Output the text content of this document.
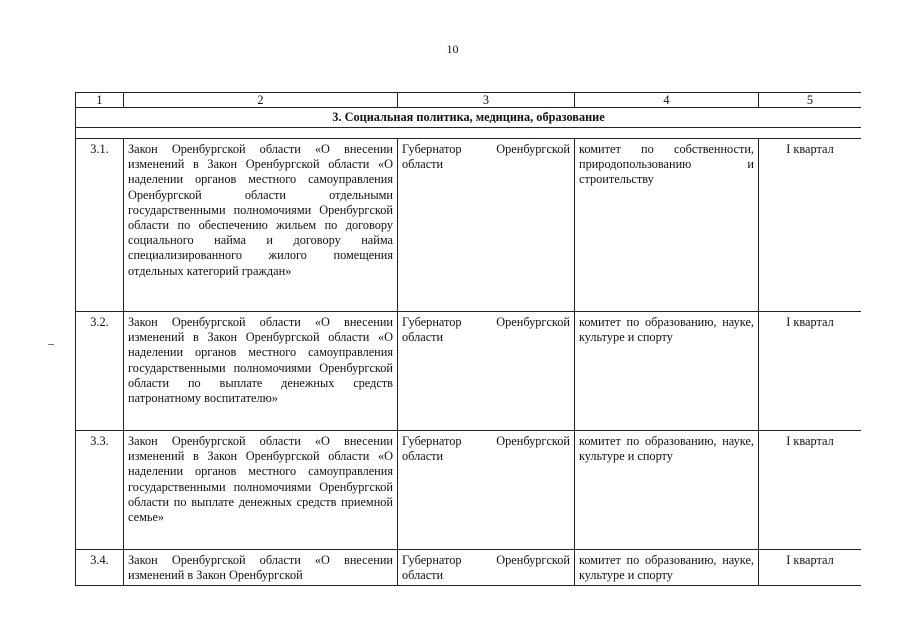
10
1	2	3	4	5
3. Социальная политика, медицина, образование				

3.1.	Закон Оренбургской области «О внесении изменений в Закон Оренбургской области «О наделении органов местного самоуправления Оренбургской области отдельными государственными полномочиями Оренбургской области по обеспечению жильем по договору социального найма и договору найма специализированного жилого помещения отдельных категорий граждан»	Губернатор Оренбургской области	комитет по собственности, природопользованию и строительству	I квартал
3.2.	Закон Оренбургской области «О внесении изменений в Закон Оренбургской области «О наделении органов местного самоуправления государственными полномочиями Оренбургской области по выплате денежных средств патронатному воспитателю»	Губернатор Оренбургской области	комитет по образованию, науке, культуре и спорту	I квартал
3.3.	Закон Оренбургской области «О внесении изменений в Закон Оренбургской области «О наделении органов местного самоуправления государственными полномочиями Оренбургской области по выплате денежных средств приемной семье»	Губернатор Оренбургской области	комитет по образованию, науке, культуре и спорту	I квартал
3.4.	Закон Оренбургской области «О внесении изменений в Закон Оренбургской	Губернатор Оренбургской области	комитет по образованию, науке, культуре и спорту	I квартал
